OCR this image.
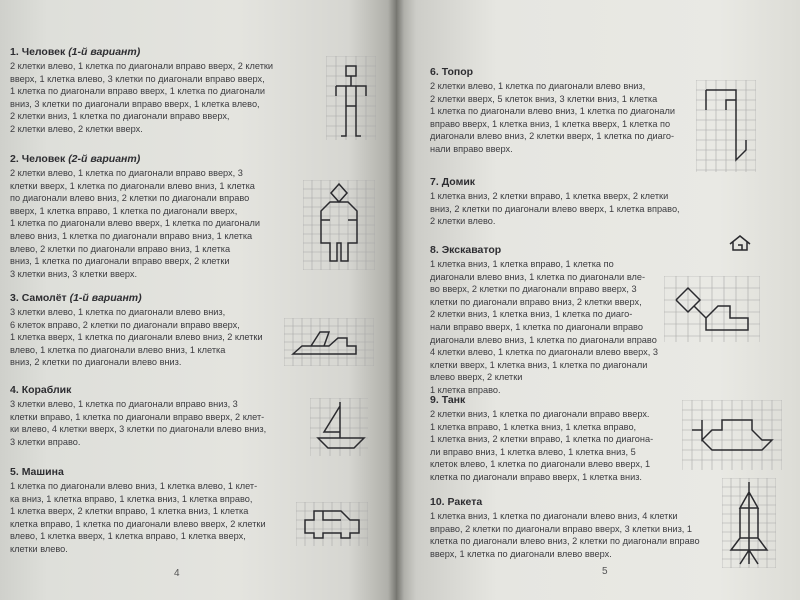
1. Человек (1-й вариант)

2 клетки влево, 1 клетка по диагонали вправо вверх, 2 клетки
вверх, 1 клетка влево, 3 клетки по диагонали вправо вверх,
1 клетка по диагонали вправо вверх, 1 клетка по диагонали
вниз, 3 клетки по диагонали вправо вверх, 1 клетка влево,
2 клетки вниз, 1 клетка по диагонали вправо вверх,
2 клетки влево, 2 клетки вверх.

2. Человек (2-й вариант)

2 клетки влево, 1 клетка по диагонали вправо вверх, 3
клетки вверх, 1 клетка по диагонали влево вниз, 1 клетка
по диагонали влево вниз, 2 клетки по диагонали вправо
вверх, 1 клетка вправо, 1 клетка по диагонали вверх,
1 клетка по диагонали влево вверх, 1 клетка по диагонали
влево вниз, 1 клетка по диагонали вправо вниз, 1 клетка
влево, 2 клетки по диагонали вправо вниз, 1 клетка
вниз, 1 клетка по диагонали вправо вверх, 2 клетки
3 клетки вниз, 3 клетки вверх.

3. Самолёт (1-й вариант)

3 клетки влево, 1 клетка по диагонали влево вниз,
6 клеток вправо, 2 клетки по диагонали вправо вверх,
1 клетка вверх, 1 клетка по диагонали влево вниз, 2 клетки
влево, 1 клетка по диагонали влево вниз, 1 клетка
вниз, 2 клетки по диагонали влево вниз.

4. Кораблик

3 клетки влево, 1 клетка по диагонали вправо вниз, 3
клетки вправо, 1 клетка по диагонали вправо вверх, 2 клет-
ки влево, 4 клетки вверх, 3 клетки по диагонали влево вниз,
3 клетки вправо.

5. Машина

1 клетка по диагонали влево вниз, 1 клетка влево, 1 клет-
ка вниз, 1 клетка вправо, 1 клетка вниз, 1 клетка вправо,
1 клетка вверх, 2 клетки вправо, 1 клетка вниз, 1 клетка
клетка вправо, 1 клетка по диагонали влево вверх, 2 клетки
влево, 1 клетка вверх, 1 клетка вправо, 1 клетка вверх,
клетки влево.

4

6. Топор

2 клетки влево, 1 клетка по диагонали влево вниз,
2 клетки вверх, 5 клеток вниз, 3 клетки вниз, 1 клетка
1 клетка по диагонали влево вниз, 1 клетка по диагонали
вправо вверх, 1 клетка вниз, 1 клетка вверх, 1 клетка по
диагонали влево вниз, 2 клетки вверх, 1 клетка по диаго-
нали вправо вверх.

7. Домик

1 клетка вниз, 2 клетки вправо, 1 клетка вверх, 2 клетки
вниз, 2 клетки по диагонали влево вверх, 1 клетка вправо,
2 клетки влево.

8. Экскаватор

1 клетка вниз, 1 клетка вправо, 1 клетка по
диагонали влево вниз, 1 клетка по диагонали вле-
во вверх, 2 клетки по диагонали вправо вверх, 3
клетки по диагонали вправо вниз, 2 клетки вверх,
2 клетки вниз, 1 клетка вниз, 1 клетка по диаго-
нали вправо вверх, 1 клетка по диагонали вправо
диагонали влево вниз, 1 клетка по диагонали вправо
4 клетки влево, 1 клетка по диагонали влево вверх, 3
клетки вверх, 1 клетка вниз, 1 клетка по диагонали
влево вверх, 2 клетки
1 клетка вправо.

9. Танк

2 клетки вниз, 1 клетка по диагонали вправо вверх.
1 клетка вправо, 1 клетка вниз, 1 клетка вправо,
1 клетка вниз, 2 клетки вправо, 1 клетка по диагона-
ли вправо вниз, 1 клетка влево, 1 клетка вниз, 5
клеток влево, 1 клетка по диагонали влево вверх, 1
клетка по диагонали вправо вверх, 1 клетка вниз.

10. Ракета

1 клетка вниз, 1 клетка по диагонали влево вниз, 4 клетки
вправо, 2 клетки по диагонали вправо вверх, 3 клетки вниз, 1
клетка по диагонали влево вниз, 2 клетки по диагонали вправо
вверх, 1 клетка по диагонали влево вверх.

5
